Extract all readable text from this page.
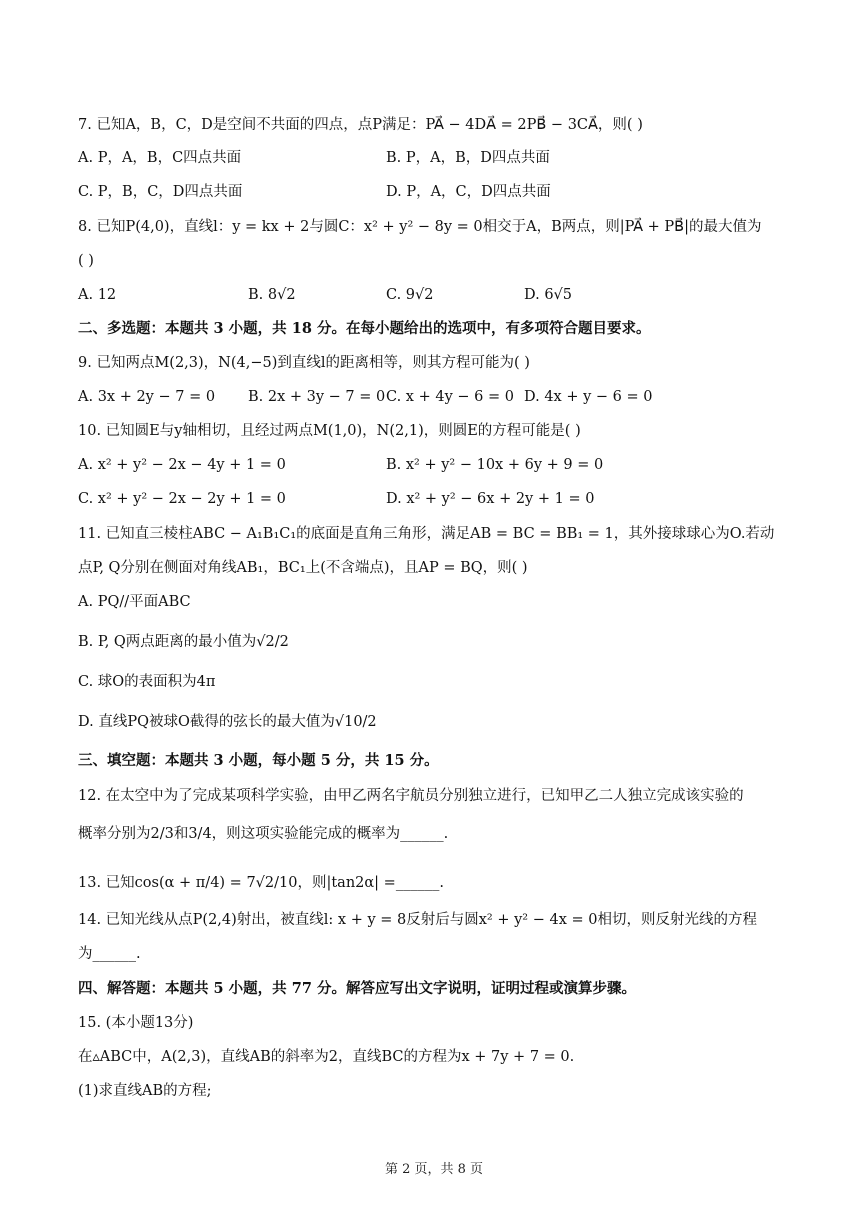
7. 已知A，B，C，D是空间不共面的四点，点P满足：PA⃗ − 4DA⃗ = 2PB⃗ − 3CA⃗，则( )
A. P，A，B，C四点共面	B. P，A，B，D四点共面
C. P，B，C，D四点共面	D. P，A，C，D四点共面
8. 已知P(4,0)，直线l：y = kx + 2与圆C：x² + y² − 8y = 0相交于A，B两点，则|PA⃗ + PB⃗|的最大值为
( )
A. 12	B. 8√2	C. 9√2	D. 6√5
二、多选题：本题共 3 小题，共 18 分。在每小题给出的选项中，有多项符合题目要求。
9. 已知两点M(2,3)，N(4,−5)到直线l的距离相等，则其方程可能为( )
A. 3x + 2y − 7 = 0 B. 2x + 3y − 7 = 0 C. x + 4y − 6 = 0 D. 4x + y − 6 = 0
10. 已知圆E与y轴相切，且经过两点M(1,0)，N(2,1)，则圆E的方程可能是( )
A. x² + y² − 2x − 4y + 1 = 0	B. x² + y² − 10x + 6y + 9 = 0
C. x² + y² − 2x − 2y + 1 = 0	D. x² + y² − 6x + 2y + 1 = 0
11. 已知直三棱柱ABC − A₁B₁C₁的底面是直角三角形，满足AB = BC = BB₁ = 1，其外接球球心为O.若动
点P, Q分别在侧面对角线AB₁，BC₁上(不含端点)，且AP = BQ，则( )
A. PQ//平面ABC
B. P, Q两点距离的最小值为√2/2
C. 球O的表面积为4π
D. 直线PQ被球O截得的弦长的最大值为√10/2
三、填空题：本题共 3 小题，每小题 5 分，共 15 分。
12. 在太空中为了完成某项科学实验，由甲乙两名宇航员分别独立进行，已知甲乙二人独立完成该实验的
概率分别为2/3和3/4，则这项实验能完成的概率为______.
13. 已知cos(α + π/4) = 7√2/10，则|tan2α| =______.
14. 已知光线从点P(2,4)射出，被直线l: x + y = 8反射后与圆x² + y² − 4x = 0相切，则反射光线的方程
为______.
四、解答题：本题共 5 小题，共 77 分。解答应写出文字说明，证明过程或演算步骤。
15. (本小题13分)
在▵ABC中，A(2,3)，直线AB的斜率为2，直线BC的方程为x + 7y + 7 = 0.
(1)求直线AB的方程;
第 2 页，共 8 页
